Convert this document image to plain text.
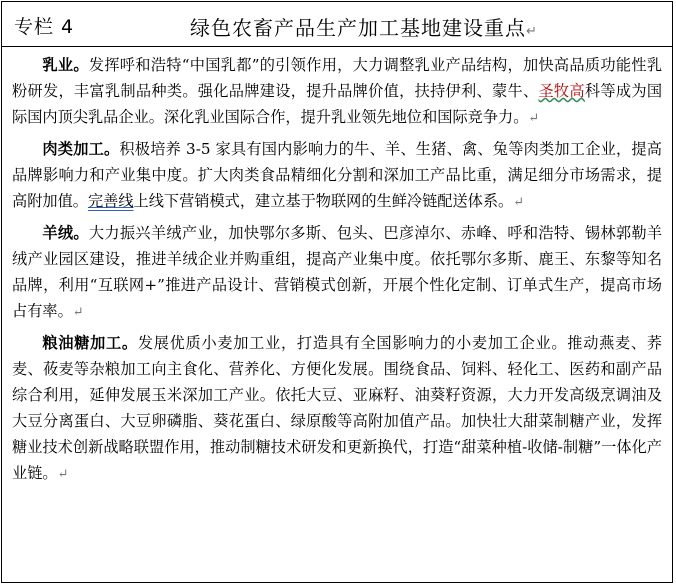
专栏 4	绿色农畜产品生产加工基地建设重点↵

乳业。发挥呼和浩特“中国乳都”的引领作用，大力调整乳业产品结构，加快高品质功能性乳粉研发，丰富乳制品种类。强化品牌建设，提升品牌价值，扶持伊利、蒙牛、圣牧高科等成为国际国内顶尖乳品企业。深化乳业国际合作，提升乳业领先地位和国际竞争力。↵

肉类加工。积极培养 3-5 家具有国内影响力的牛、羊、生猪、禽、兔等肉类加工企业，提高品牌影响力和产业集中度。扩大肉类食品精细化分割和深加工产品比重，满足细分市场需求，提高附加值。完善线上线下营销模式，建立基于物联网的生鲜冷链配送体系。↵

羊绒。大力振兴羊绒产业，加快鄂尔多斯、包头、巴彦淖尔、赤峰、呼和浩特、锡林郭勒羊绒产业园区建设，推进羊绒企业并购重组，提高产业集中度。依托鄂尔多斯、鹿王、东黎等知名品牌，利用“互联网+”推进产品设计、营销模式创新，开展个性化定制、订单式生产，提高市场占有率。↵

粮油糖加工。发展优质小麦加工业，打造具有全国影响力的小麦加工企业。推动燕麦、荞麦、莜麦等杂粮加工向主食化、营养化、方便化发展。围绕食品、饲料、轻化工、医药和副产品综合利用，延伸发展玉米深加工产业。依托大豆、亚麻籽、油葵籽资源，大力开发高级烹调油及大豆分离蛋白、大豆卵磷脂、葵花蛋白、绿原酸等高附加值产品。加快壮大甜菜制糖产业，发挥糖业技术创新战略联盟作用，推动制糖技术研发和更新换代，打造“甜菜种植-收储-制糖”一体化产业链。↵
